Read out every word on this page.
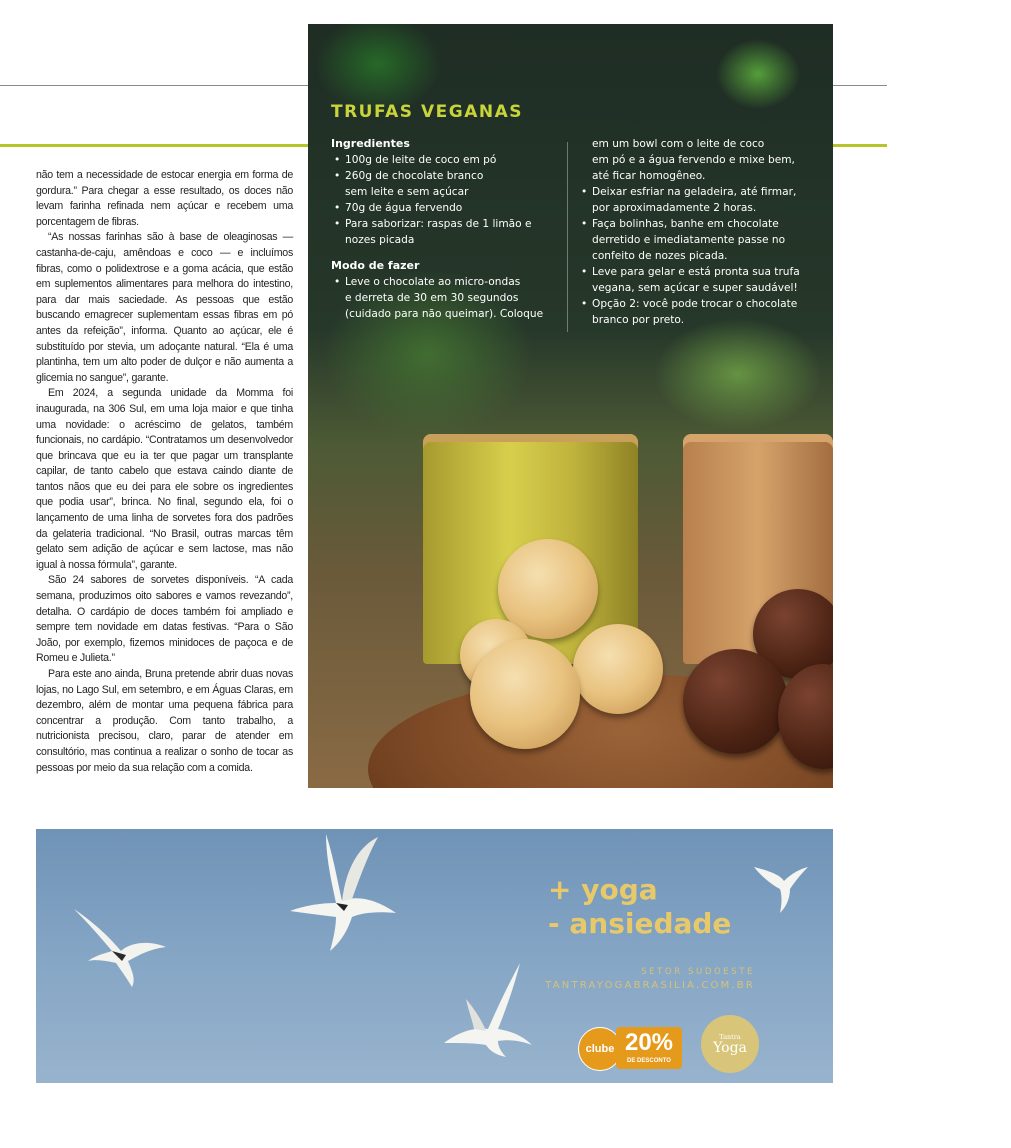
não tem a necessidade de estocar energia em forma de gordura.” Para chegar a esse resultado, os doces não levam farinha refinada nem açúcar e recebem uma porcentagem de fibras.

“As nossas farinhas são à base de oleaginosas — castanha-de-caju, amêndoas e coco — e incluímos fibras, como o polidextrose e a goma acácia, que estão em suplementos alimentares para melhora do intestino, para dar mais saciedade. As pessoas que estão buscando emagrecer suplementam essas fibras em pó antes da refeição”, informa. Quanto ao açúcar, ele é substituído por stevia, um adoçante natural. “Ela é uma plantinha, tem um alto poder de dulçor e não aumenta a glicemia no sangue”, garante.

Em 2024, a segunda unidade da Momma foi inaugurada, na 306 Sul, em uma loja maior e que tinha uma novidade: o acréscimo de gelatos, também funcionais, no cardápio. “Contratamos um desenvolvedor que brincava que eu ia ter que pagar um transplante capilar, de tanto cabelo que estava caindo diante de tantos nãos que eu dei para ele sobre os ingredientes que podia usar”, brinca. No final, segundo ela, foi o lançamento de uma linha de sorvetes fora dos padrões da gelateria tradicional. “No Brasil, outras marcas têm gelato sem adição de açúcar e sem lactose, mas não igual à nossa fórmula”, garante.

São 24 sabores de sorvetes disponíveis. “A cada semana, produzimos oito sabores e vamos revezando”, detalha. O cardápio de doces também foi ampliado e sempre tem novidade em datas festivas. “Para o São João, por exemplo, fizemos minidoces de paçoca e de Romeu e Julieta.”

Para este ano ainda, Bruna pretende abrir duas novas lojas, no Lago Sul, em setembro, e em Águas Claras, em dezembro, além de montar uma pequena fábrica para concentrar a produção. Com tanto trabalho, a nutricionista precisou, claro, parar de atender em consultório, mas continua a realizar o sonho de tocar as pessoas por meio da sua relação com a comida.

TRUFAS VEGANAS
Ingredientes
• 100g de leite de coco em pó
• 260g de chocolate branco
sem leite e sem açúcar
• 70g de água fervendo
• Para saborizar: raspas de 1 limão e
nozes picada
Modo de fazer
• Leve o chocolate ao micro-ondas
e derreta de 30 em 30 segundos
(cuidado para não queimar). Coloque
em um bowl com o leite de coco
em pó e a água fervendo e mixe bem,
até ficar homogêneo.
• Deixar esfriar na geladeira, até firmar,
por aproximadamente 2 horas.
• Faça bolinhas, banhe em chocolate
derretido e imediatamente passe no
confeito de nozes picada.
• Leve para gelar e está pronta sua trufa
vegana, sem açúcar e super saudável!
• Opção 2: você pode trocar o chocolate
branco por preto.
+ yoga
- ansiedade

SETOR SUDOESTE

TANTRAYOGABRASILIA.COM.BR

clube 20%
DE DESCONTO
Tantra
Yoga
